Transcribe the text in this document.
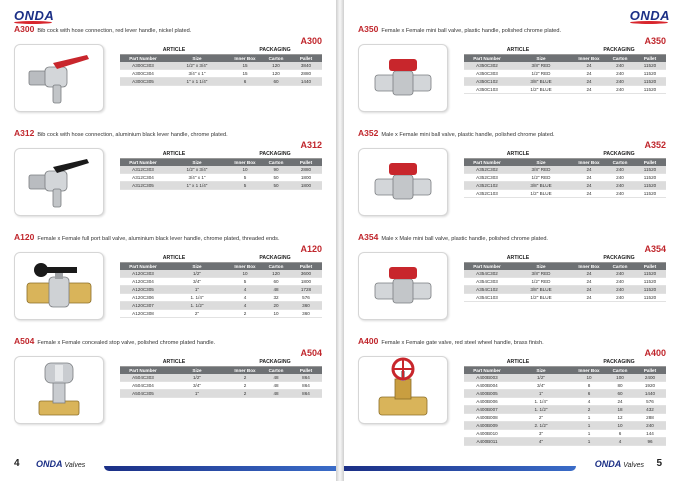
ONDA
A300 Bib cock with hose connection, red lever handle, nickel plated.
A300
ARTICLE	PACKAGING
Part Number	Size	Inner Box	Carton	Pallet
A300C303	1/2" x 3/4"	15	120	3840
A300C304	3/4" x 1"	15	120	2880
A300C305	1" x 1 1/4"	6	60	1440
A312 Bib cock with hose connection, aluminium black lever handle, chrome plated.
A312
ARTICLE	PACKAGING
Part Number	Size	Inner Box	Carton	Pallet
A312C303	1/2" x 3/4"	10	90	2880
A312C304	3/4" x 1"	5	50	1800
A312C305	1" x 1 1/4"	5	50	1800
A120 Female x Female full port ball valve, aluminium black lever handle, chrome plated, threaded ends.
A120
ARTICLE	PACKAGING
Part Number	Size	Inner Box	Carton	Pallet
A120C303	1/2"	10	120	3600
A120C304	3/4"	5	60	1800
A120C305	1"	4	48	1728
A120C306	1. 1/4"	4	32	576
A120C307	1. 1/2"	4	20	360
A120C308	2"	2	10	360
A504 Female x Female concealed stop valve, polished chrome plated handle.
A504
ARTICLE	PACKAGING
Part Number	Size	Inner Box	Carton	Pallet
A504C303	1/2"	2	48	864
A504C304	3/4"	2	48	864
A504C305	1"	2	48	864
4 ONDA Valves
ONDA
A350 Female x Female mini ball valve, plastic handle, polished chrome plated.
A350
ARTICLE	PACKAGING
Part Number	Size	Inner Box	Carton	Pallet
A350C302	3/8" RED	24	240	11520
A350C303	1/2" RED	24	240	11520
A350C102	3/8" BLUE	24	240	11520
A350C103	1/2" BLUE	24	240	11520
A352 Male x Female mini ball valve, plastic handle, polished chrome plated.
A352
ARTICLE	PACKAGING
Part Number	Size	Inner Box	Carton	Pallet
A352C302	3/8" RED	24	240	11520
A352C303	1/2" RED	24	240	11520
A352C102	3/8" BLUE	24	240	11520
A352C103	1/2" BLUE	24	240	11520
A354 Male x Male mini ball valve, plastic handle, polished chrome plated.
A354
ARTICLE	PACKAGING
Part Number	Size	Inner Box	Carton	Pallet
A354C302	3/8" RED	24	240	11520
A354C303	1/2" RED	24	240	11520
A354C102	3/8" BLUE	24	240	11520
A354C103	1/2" BLUE	24	240	11520
A400 Female x Female gate valve, red steel wheel handle, brass finish.
A400
ARTICLE	PACKAGING
Part Number	Size	Inner Box	Carton	Pallet
A400B003	1/2"	10	100	2400
A400B004	3/4"	8	80	1920
A400B005	1"	6	60	1440
A400B006	1. 1/4"	4	24	576
A400B007	1. 1/2"	2	18	432
A400B008	2"	1	12	288
A400B009	2. 1/2"	1	10	240
A400B010	3"	1	6	144
A400B011	4"	1	4	96
ONDA Valves 5
